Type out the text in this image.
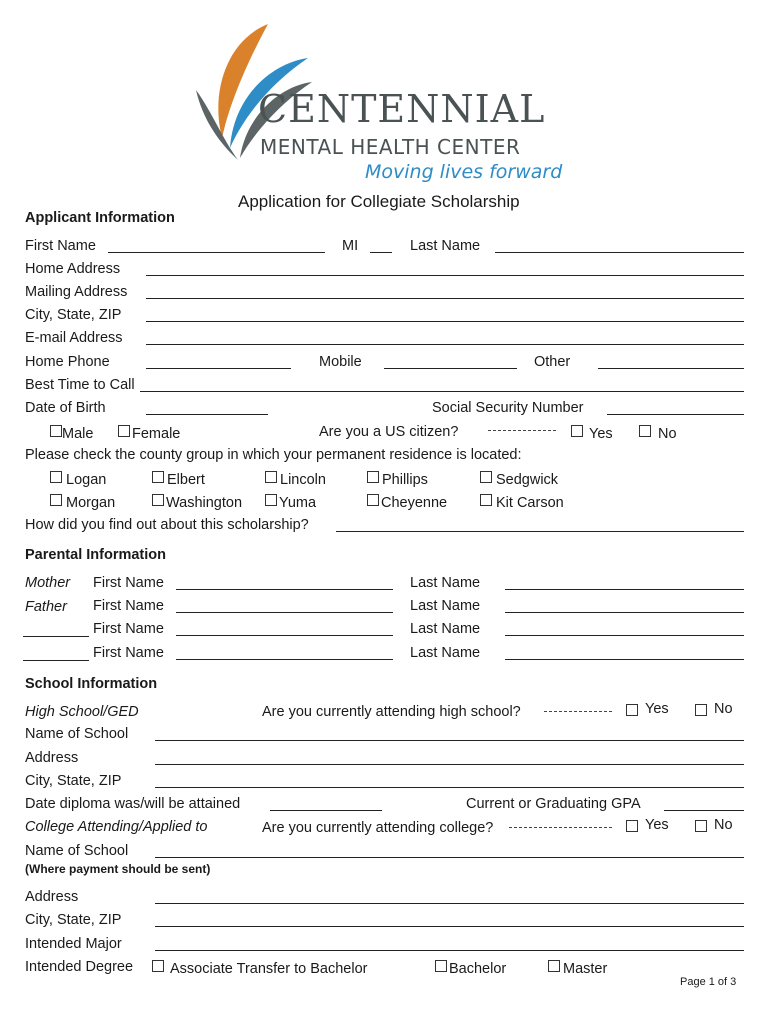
CENTENNIAL
MENTAL HEALTH CENTER
Moving lives forward
Application for Collegiate Scholarship
Applicant Information
First Name	MI	Last Name
Home Address
Mailing Address
City, State, ZIP
E-mail Address
Home Phone	Mobile	Other
Best Time to Call
Date of Birth	Social Security Number
Male	Female	Are you a US citizen?	Yes	No
Please check the county group in which your permanent residence is located:
Logan	Elbert	Lincoln	Phillips	Sedgwick
Morgan	Washington	Yuma	Cheyenne	Kit Carson
How did you find out about this scholarship?
Parental Information
Mother First Name	Last Name
Father First Name	Last Name
First Name	Last Name
First Name	Last Name
School Information
High School/GED	Are you currently attending high school?	Yes	No
Name of School
Address
City, State, ZIP
Date diploma was/will be attained	Current or Graduating GPA
College Attending/Applied to	Are you currently attending college?	Yes	No
Name of School
(Where payment should be sent)
Address
City, State, ZIP
Intended Major
Intended Degree	Associate Transfer to Bachelor	Bachelor	Master
Page 1 of 3
